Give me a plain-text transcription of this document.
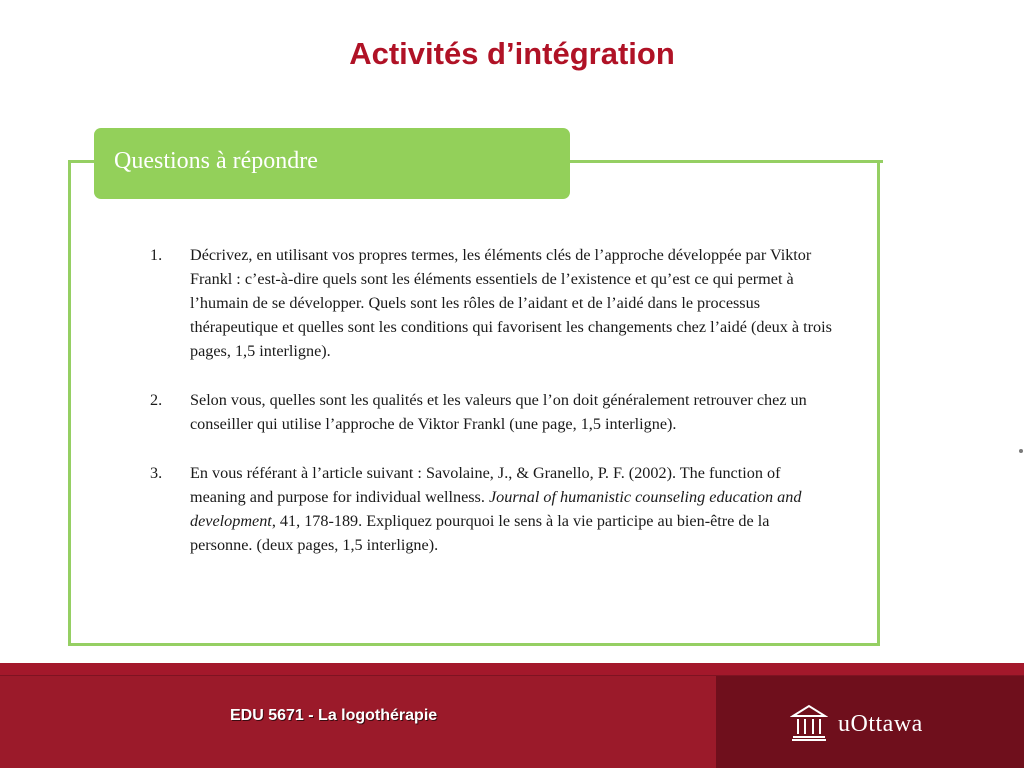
Activités d’intégration
Questions à répondre
1. Décrivez, en utilisant vos propres termes, les éléments clés de l’approche développée par Viktor Frankl : c’est-à-dire quels sont les éléments essentiels de l’existence et qu’est ce qui permet à l’humain de se développer. Quels sont les rôles de l’aidant et de l’aidé dans le processus thérapeutique et quelles sont les conditions qui favorisent les changements chez l’aidé (deux à trois pages, 1,5 interligne).
2. Selon vous, quelles sont les qualités et les valeurs que l’on doit généralement retrouver chez un conseiller qui utilise l’approche de Viktor Frankl (une page, 1,5 interligne).
3. En vous référant à l’article suivant : Savolaine, J., & Granello, P. F. (2002). The function of meaning and purpose for individual wellness. Journal of humanistic counseling education and development, 41, 178-189. Expliquez pourquoi le sens à la vie participe au bien-être de la personne. (deux pages, 1,5 interligne).
EDU 5671 - La logothérapie	uOttawa
